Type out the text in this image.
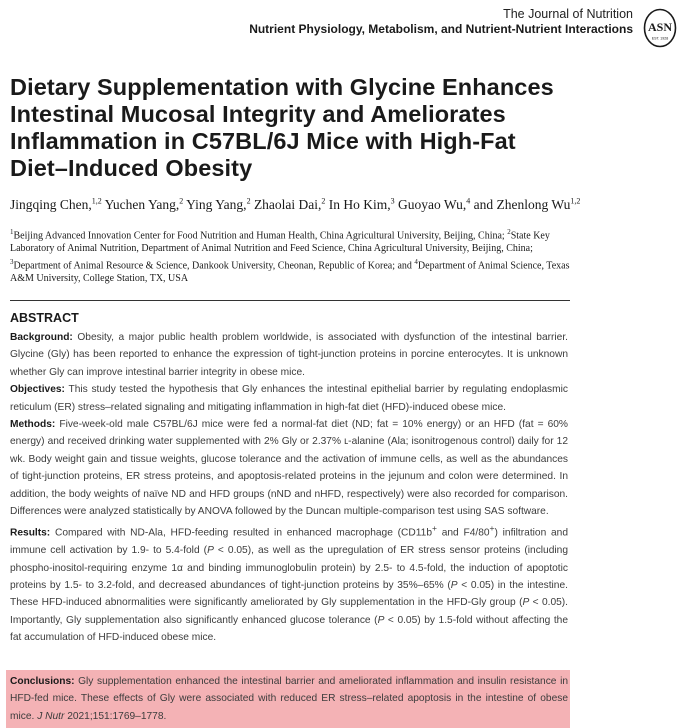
The Journal of Nutrition
Nutrient Physiology, Metabolism, and Nutrient-Nutrient Interactions ASN
EST. 1928
Dietary Supplementation with Glycine Enhances Intestinal Mucosal Integrity and Ameliorates Inflammation in C57BL/6J Mice with High-Fat Diet–Induced Obesity
Jingqing Chen,$^{1,2}$ Yuchen Yang,$^2$ Ying Yang,$^2$ Zhaolai Dai,$^2$ In Ho Kim,$^3$ Guoyao Wu,$^4$ and Zhenlong Wu$^{1,2}$
$^1$Beijing Advanced Innovation Center for Food Nutrition and Human Health, China Agricultural University, Beijing, China; $^2$State Key Laboratory of Animal Nutrition, Department of Animal Nutrition and Feed Science, China Agricultural University, Beijing, China; $^3$Department of Animal Resource & Science, Dankook University, Cheonan, Republic of Korea; and $^4$Department of Animal Science, Texas A&M University, College Station, TX, USA
ABSTRACT

Background: Obesity, a major public health problem worldwide, is associated with dysfunction of the intestinal barrier. Glycine (Gly) has been reported to enhance the expression of tight-junction proteins in porcine enterocytes. It is unknown whether Gly can improve intestinal barrier integrity in obese mice.

Objectives: This study tested the hypothesis that Gly enhances the intestinal epithelial barrier by regulating endoplasmic reticulum (ER) stress–related signaling and mitigating inflammation in high-fat diet (HFD)-induced obese mice.

Methods: Five-week-old male C57BL/6J mice were fed a normal-fat diet (ND; fat = 10% energy) or an HFD (fat = 60% energy) and received drinking water supplemented with 2% Gly or 2.37% ʟ-alanine (Ala; isonitrogenous control) daily for 12 wk. Body weight gain and tissue weights, glucose tolerance and the activation of immune cells, as well as the abundances of tight-junction proteins, ER stress proteins, and apoptosis-related proteins in the jejunum and colon were determined. In addition, the body weights of naïve ND and HFD groups (nND and nHFD, respectively) were also recorded for comparison. Differences were analyzed statistically by ANOVA followed by the Duncan multiple-comparison test using SAS software.

Results: Compared with ND-Ala, HFD-feeding resulted in enhanced macrophage (CD11b+ and F4/80+) infiltration and immune cell activation by 1.9- to 5.4-fold (P < 0.05), as well as the upregulation of ER stress sensor proteins (including phospho-inositol-requiring enzyme 1α and binding immunoglobulin protein) by 2.5- to 4.5-fold, the induction of apoptotic proteins by 1.5- to 3.2-fold, and decreased abundances of tight-junction proteins by 35%–65% (P < 0.05) in the intestine. These HFD-induced abnormalities were significantly ameliorated by Gly supplementation in the HFD-Gly group (P < 0.05). Importantly, Gly supplementation also significantly enhanced glucose tolerance (P < 0.05) by 1.5-fold without affecting the fat accumulation of HFD-induced obese mice.

Conclusions: Gly supplementation enhanced the intestinal barrier and ameliorated inflammation and insulin resistance in HFD-fed mice. These effects of Gly were associated with reduced ER stress–related apoptosis in the intestine of obese mice. J Nutr 2021;151:1769–1778.
